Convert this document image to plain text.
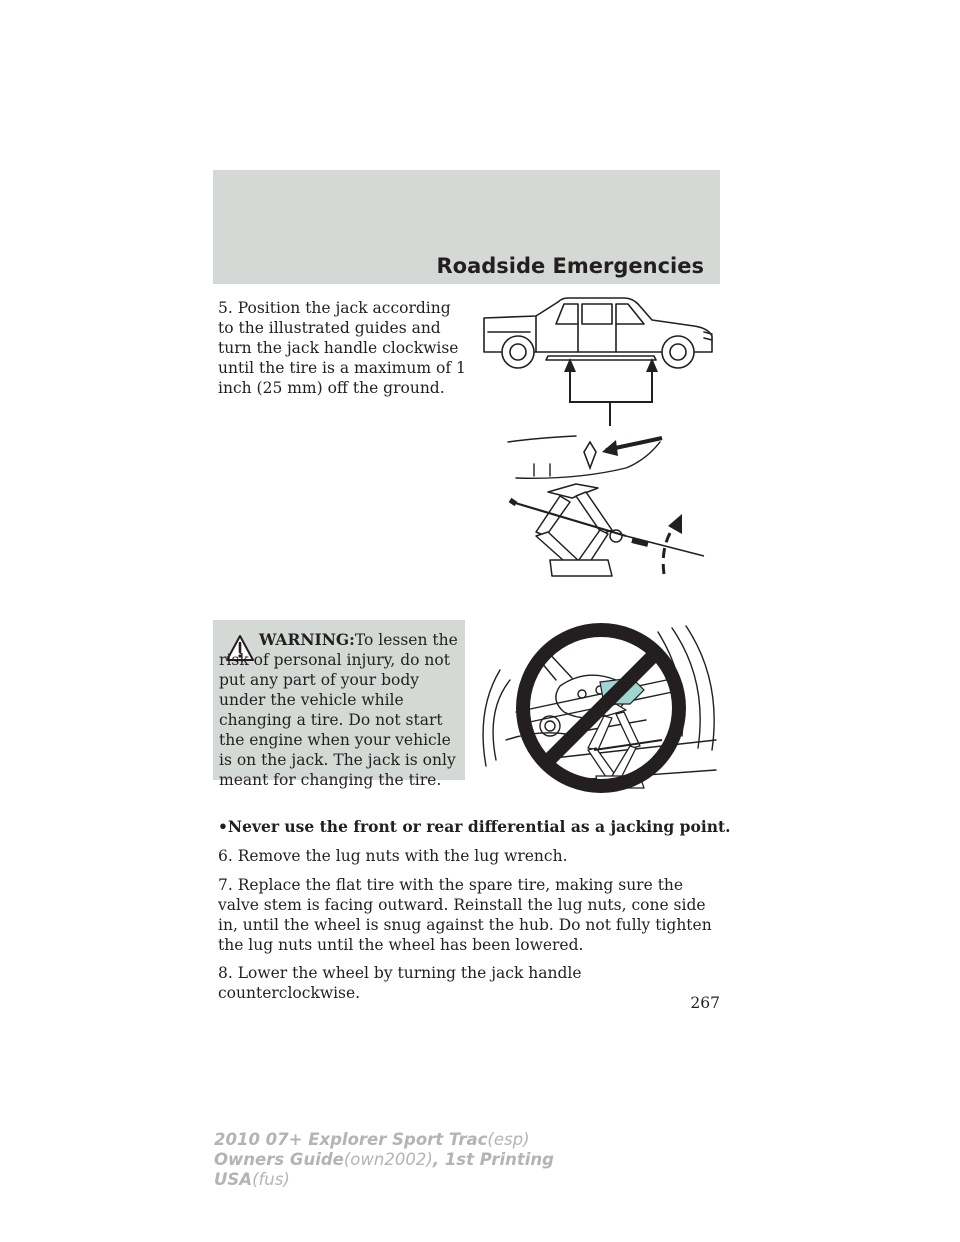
Roadside Emergencies
5. Position the jack according to the illustrated guides and turn the jack handle clockwise until the tire is a maximum of 1 inch (25 mm) off the ground.
WARNING:To lessen the risk of personal injury, do not put any part of your body under the vehicle while changing a tire. Do not start the engine when your vehicle is on the jack. The jack is only meant for changing the tire.
•Never use the front or rear differential as a jacking point.
6. Remove the lug nuts with the lug wrench.
7. Replace the flat tire with the spare tire, making sure the valve stem is facing outward. Reinstall the lug nuts, cone side in, until the wheel is snug against the hub. Do not fully tighten the lug nuts until the wheel has been lowered.
8. Lower the wheel by turning the jack handle counterclockwise.
267
2010 07+ Explorer Sport Trac(esp)
Owners Guide(own2002), 1st Printing
USA(fus)
